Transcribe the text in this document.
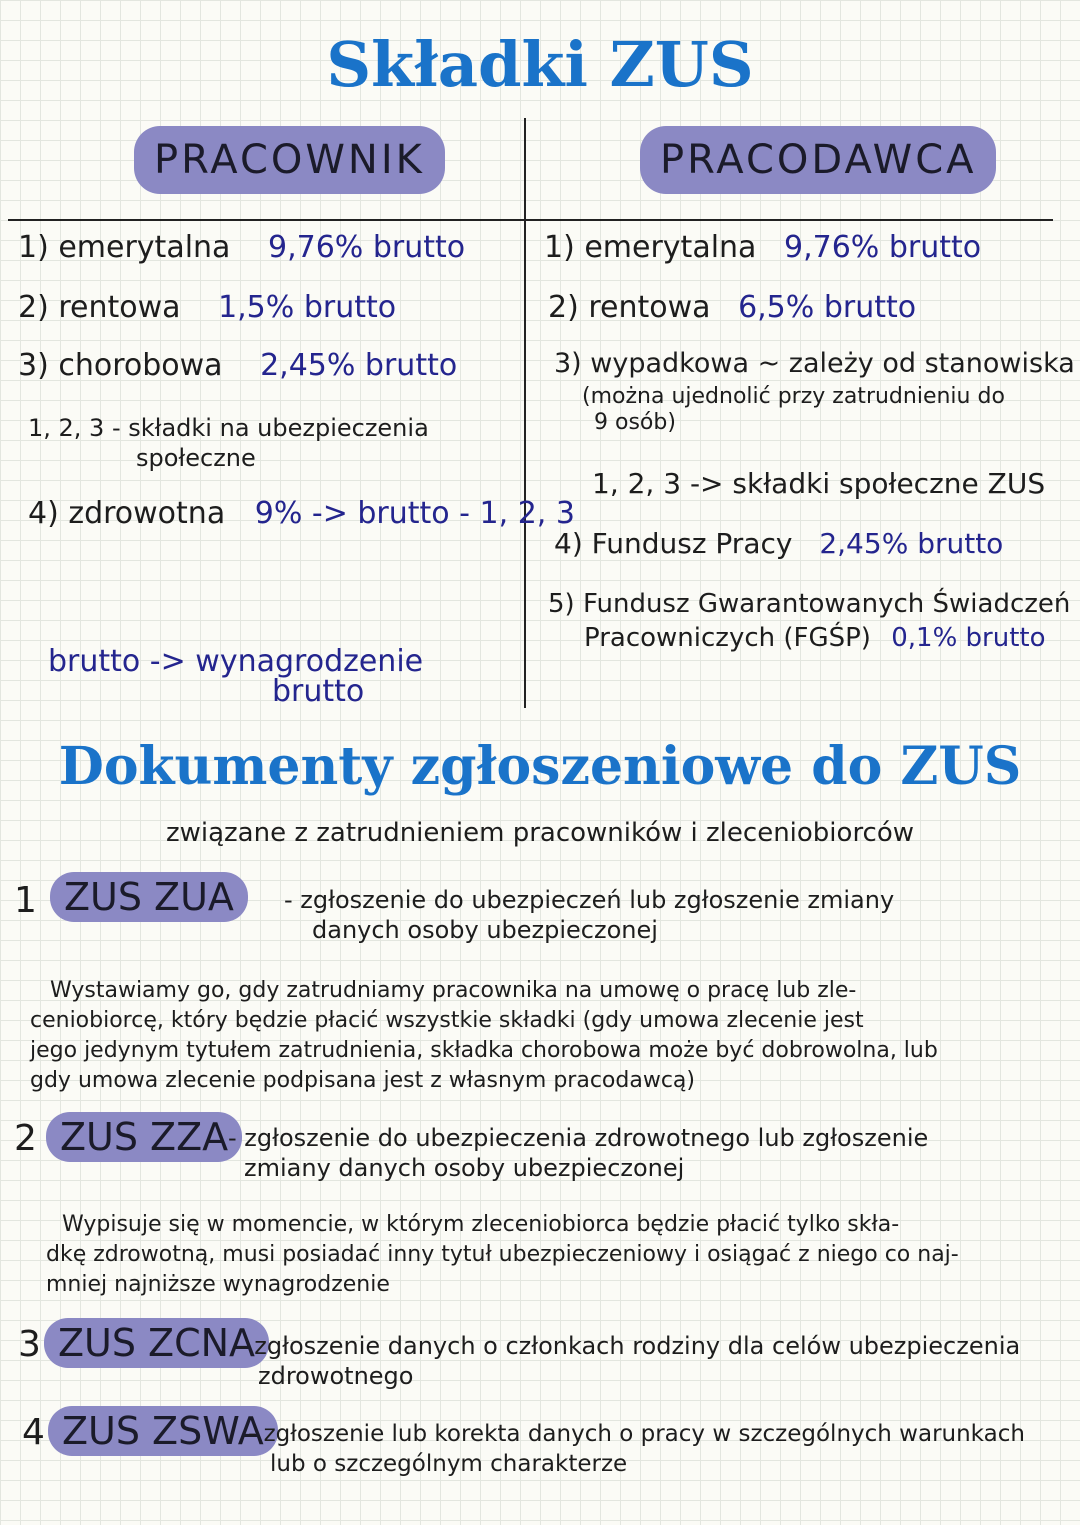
Składki ZUS
PRACOWNIK	PRACODAWCA
1) emerytalna 9,76% brutto
2) rentowa 1,5% brutto
3) chorobowa 2,45% brutto
1, 2, 3 - składki na ubezpieczenia
społeczne
4) zdrowotna 9% -> brutto - 1, 2, 3
brutto -> wynagrodzenie
brutto
1) emerytalna 9,76% brutto
2) rentowa 6,5% brutto
3) wypadkowa ~ zależy od stanowiska
(można ujednolić przy zatrudnieniu do
9 osób)
1, 2, 3 -> składki społeczne ZUS
4) Fundusz Pracy 2,45% brutto
5) Fundusz Gwarantowanych Świadczeń
Pracowniczych (FGŚP) 0,1% brutto
Dokumenty zgłoszeniowe do ZUS
związane z zatrudnieniem pracowników i zleceniobiorców
1 ZUS ZUA	- zgłoszenie do ubezpieczeń lub zgłoszenie zmiany
danych osoby ubezpieczonej
Wystawiamy go, gdy zatrudniamy pracownika na umowę o pracę lub zle-
ceniobiorcę, który będzie płacić wszystkie składki (gdy umowa zlecenie jest
jego jedynym tytułem zatrudnienia, składka chorobowa może być dobrowolna, lub
gdy umowa zlecenie podpisana jest z własnym pracodawcą)
2 ZUS ZZA - zgłoszenie do ubezpieczenia zdrowotnego lub zgłoszenie
zmiany danych osoby ubezpieczonej
Wypisuje się w momencie, w którym zleceniobiorca będzie płacić tylko skła-
dkę zdrowotną, musi posiadać inny tytuł ubezpieczeniowy i osiągać z niego co naj-
mniej najniższe wynagrodzenie
3 ZUS ZCNA
- zgłoszenie danych o członkach rodziny dla celów ubezpieczenia
zdrowotnego
4 ZUS ZSWA
- zgłoszenie lub korekta danych o pracy w szczególnych warunkach
lub o szczególnym charakterze
